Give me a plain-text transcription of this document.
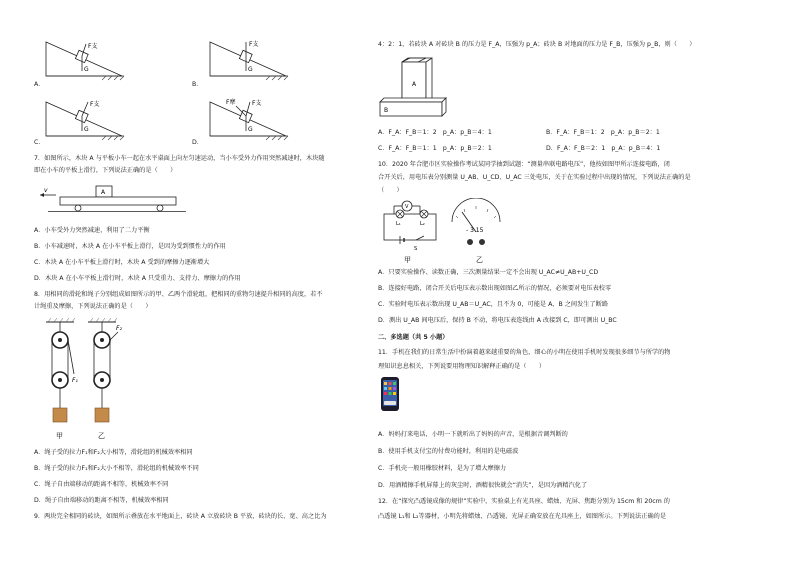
F支
G
A．
F支
G
B．
F支
G
C．
F摩	F支
G
D．
7．如图所示，木块 A 与平板小车一起在水平桌面上向左匀速运动，当小车受外力作用突然减速时，木块随
即在小车的平板上滑行，下列说法正确的是（　　）
v	A
A．小车受外力突然减速，利用了二力平衡
B．小车减速时，木块 A 在小车平板上滑行，是因为受到惯性力的作用
C．木块 A 在小车平板上滑行时，木块 A 受到的摩擦力逐渐增大
D．木块 A 在小车平板上滑行时，木块 A 只受重力、支持力、摩擦力的作用
8．用相同的滑轮和绳子分别组成如图所示的甲、乙两个滑轮组，把相同的重物匀速提升相同的高度，若不
计绳重及摩擦，下列说法正确的是（　　）
F₁
甲
F₂
乙
A．绳子受的拉力F₁和F₂大小相等，滑轮组的机械效率相同
B．绳子受的拉力F₁和F₂大小不相等，滑轮组的机械效率不同
C．绳子自由端移动的距离不相等，机械效率不同
D．绳子自由端移动的距离不相等，机械效率相同
9．两块完全相同的砖块，如图所示叠放在水平地面上，砖块 A 立放砖块 B 平放，砖块的长、宽、高之比为
4：2：1，若砖块 A 对砖块 B 的压力是 F_A，压强为 p_A；砖块 B 对地面的压力是 F_B，压强为 p_B，则（　　）
A
B
A．F_A：F_B＝1：2　p_A：p_B＝4：1	B．F_A：F_B＝1：2　p_A：p_B＝2：1
C．F_A：F_B＝1：1　p_A：p_B＝2：1	D．F_A：F_B＝2：1　p_A：p_B＝4：1
10．2020 年合肥市区实验操作考试某同学抽到试题：“测量串联电路电压”，他按如图甲所示连接电路，闭
合开关后，用电压表分别测量 U_AB、U_CD、U_AC 三处电压，关于在实验过程中出现的情况，下列说法正确的是
（　　）
V
L₁	L₂
S
甲
- 3 15
乙
A．只要实验操作、读数正确，三次测量结果一定不会出现 U_AC≠U_AB+U_CD
B．连接好电路，闭合开关后电压表示数出现如图乙所示的情况，必须要对电压表校零
C．实验时电压表示数出现 U_AB＝U_AC，且不为 0，可能是 A、B 之间发生了断路
D．测出 U_AB 间电压后，保持 B 不动，将电压表连线由 A 改接到 C，即可测出 U_BC
二、多选题（共 5 小题）
11．手机在我们的日常生活中扮演着越来越重要的角色，细心的小明在使用手机时发现很多细节与所学的物
理知识息息相关，下列说要用物理知识解释正确的是（　　）
A．妈妈打来电话，小明一下就听出了妈妈的声音，是根据音调判断的
B．使用手机支付宝的付费功能时，利用的是电磁波
C．手机壳一般用橡胶材料，是为了增大摩擦力
D．用酒精擦手机屏幕上的灰尘时，酒精很快就会“消失”，是因为酒精汽化了
12．在“探究凸透镜成像的规律”实验中，实验桌上有光具座、蜡烛、光屏、焦距分别为 15cm 和 20cm 的
凸透镜 L₁和 L₂等器材，小明先将蜡烛、凸透镜、光屏正确安放在光具座上，如图所示。下列说法正确的是
